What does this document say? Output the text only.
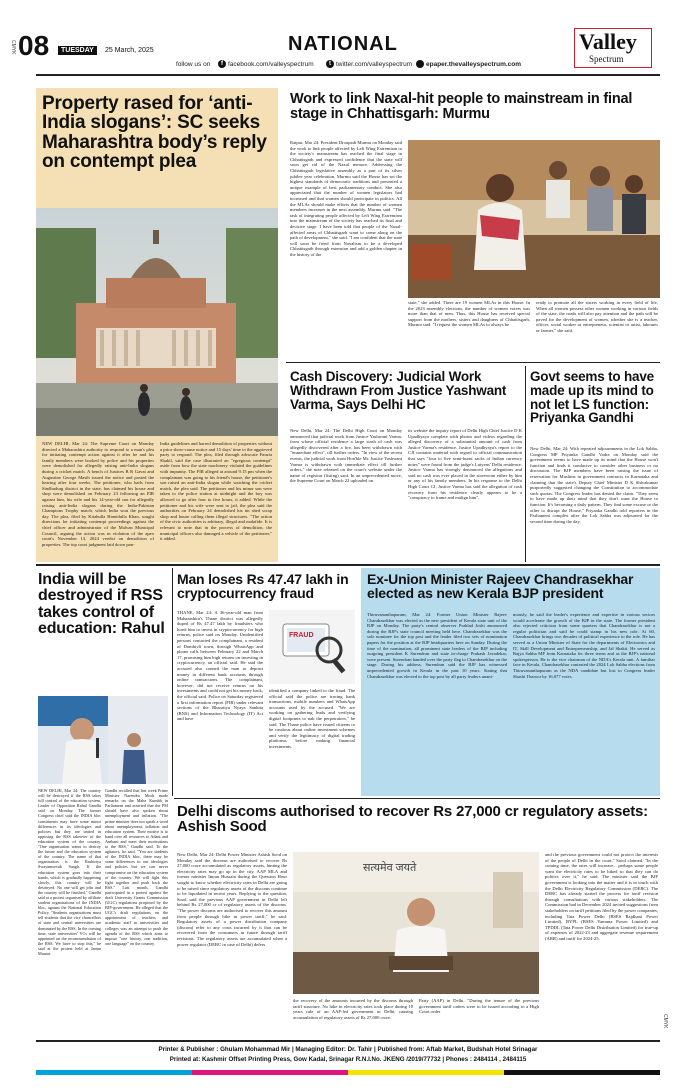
CMYK 08	TUESDAY	25 March, 2025	NATIONAL
follow us on	f facebook.com/valleyspectrum	t twitter.com/valleyspectrum epaper.thevalleyspectrum.com
Valley
Spectrum
Property rased for ‘anti-India slogans’: SC seeks Maharashtra body’s reply on contempt plea
NEW DELHI, Mar 24: The Supreme Court on Monday directed a Maharashtra authority to respond to a man's plea for initiating contempt action against it after he and his family members were booked by police and his properties were demolished for allegedly raising anti-India slogans during a cricket match. A bench of Justices B R Gavai and Augustine George Masih issued the notice and posted the hearing after four weeks. The petitioner, who hails from Sindhudurg district in the state, has claimed his house and shop were demolished on February 23 following an FIR against him, his wife and his 14-year-old son for allegedly raising anti-India slogans during the India-Pakistan Champions Trophy match, which India won the previous day. The plea, filed by Kitabulla Hamidulla Khan, sought directions for initiating contempt proceedings against the chief officer and administrator of the Malvan Municipal Council, arguing the action was in violation of the apex court's November 13, 2024 verdict on demolition of properties. The top court judgment laid down pan-
India guidelines and barred demolition of properties without a prior show-cause notice and 15 days' time to the aggrieved party to respond. The plea, filed through advocate Fauzia Shakil, said the case illustrated an "egregious contempt" aside from how the state machinery violated the guidelines with impunity. The FIR alleged at around 9.15 pm when the complainant was going to his friend's house, the petitioner's son raised an anti-India slogan while watching the cricket match, the plea said. The petitioner and his minor son were taken to the police station at midnight and the boy was allowed to go after four to five hours, it added. While the petitioner and his wife were sent to jail, the plea said the authorities on February 24 demolished his tin shed scrap shop and house calling them illegal structures. "The action of the civic authorities is arbitrary, illegal and malafide. It is relevant to note that in the process of demolition, the municipal officers also damaged a vehicle of the petitioner," it added.
Work to link Naxal-hit people to mainstream in final stage in Chhattisgarh: Murmu
Raipur, Mar 24: President Droupadi Murmu on Monday said the work to link people affected by Left Wing Extremism to the society's mainstream has reached the final stage in Chhattisgarh and expressed confidence that the state will soon get rid of the Naxal menace. Addressing the Chhattisgarh legislative assembly as a part of its silver jubilee year celebration, Murmu said the House has set the highest standards of democratic traditions and presented a unique example of best parliamentary conduct. She also appreciated that the number of women legislators had increased and that women should participate in politics. All the MLAs should make efforts that the number of women members increases in the next assembly, Murmu said. "The task of integrating people affected by Left Wing Extremism into the mainstream of the society has reached its final and decisive stage. I have been told that people of the Naxal-affected areas of Chhattisgarh want to come along on the path of development," she said. "I am confident that the state will soon be freed from Naxalism to be a developed Chhattisgarh through extension and add a golden chapter in the history of the
state," she added. There are 19 women MLAs in this House. In the 2023 assembly elections, the number of women voters was more than that of men. Thus, this House has received special support from the mothers, sisters and daughters of Chhattisgarh, Murmu said. "I request the women MLAs to always be
ready to promote all the sisters working in every field of life. When all women possess other women working in various fields of the state, the roads will also pay attention and the path will be paved for the development of women, whether she is a teacher, officer, social worker or entrepreneur, scientist or artist, labourer or farmer," she said.
Cash Discovery: Judicial Work Withdrawn From Justice Yashwant Varma, Says Delhi HC
New Delhi, Mar 24: The Delhi High Court on Monday announced that judicial work from Justice Yashwant Varma, from whose official residence a large stash of cash was allegedly discovered after a fire, has been withdrawn with "immediate effect", till further orders. "In view of the recent events, the judicial work from Hon'ble Mr. Justice Yashwant Varma is withdrawn with immediate effect till further orders," the note released on the court's website under the name of registrar (listing) said. In an unprecedented move, the Supreme Court on March 22 uploaded on
its website the inquiry report of Delhi High Chief Justice D K Upadhyaya complete with photos and videos regarding the alleged discovery of a substantial amount of cash from Justice Varma's residence. Justice Upadhyaya's report to the CJI contains material with regard to official communication that says "four to five semi-burnt sacks of Indian currency notes" were found from the judge's Lutyens' Delhi residence. Justice Varma has strongly denounced the allegations and said no cash was ever placed in the storeroom either by him or any of his family members. In his response to the Delhi High Court CJ, Justice Varma has said the allegation of cash recovery from his residence clearly appears to be a "conspiracy to frame and malign him".
Govt seems to have made up its mind to not let LS function: Priyanka Gandhi
New Delhi, Mar 24: With repeated adjournments in the Lok Sabha, Congress MP Priyanka Gandhi Vadra on Monday said the government seems to have made up its mind that the House won't function and finds it conducive to consider other business or no discussion. The BJP members have been raising the issue of reservation for Muslims in government contracts in Karnataka and claiming that the state's Deputy Chief Minister D K Shivakumar purportedly suggested changing the Constitution to accommodate such quotas. The Congress leader has denied the claim. "They seem to have made up their mind that they don't want the House to function. It's becoming a daily pattern. They find some excuse or the other to disrupt the House," Priyanka Gandhi told reporters in the Parliament complex after the Lok Sabha was adjourned for the second time during the day.
India will be destroyed if RSS takes control of education: Rahul
NEW DELHI, Mar 24: The country will be destroyed if the RSS takes full control of the education system, Leader of Opposition Rahul Gandhi said on Monday. The former Congress chief said the INDIA bloc constituents may have some minor differences in its ideologies and policies but they are united in opposing the RSS takeover of the education system of the country. "One organisation wants to destroy the future and the education system of the country. The name of that organisation is the Rashtriya Swayamsevak Sangh. If the education system goes into their hands, which is gradually happening slowly, this country will be destroyed. No one will get jobs and the country will be finished," Gandhi said at a protest organised by affiliate student organisations of the INDIA bloc, against the National Education Policy. "Students organisations must tell students that the vice chancellors of state and central universities are dominated by the RSS. In the coming time, state universities' VCs will be appointed on the recommendation of the RSS. We have to stop this," he said at the protest held at Jantar Mantar.
Gandhi recalled that last week Prime Minister Narendra Modi made remarks on the Maha Kumbh in Parliament and asserted that the PM should have also spoken about unemployment and inflation. "The prime minister does not speak a word about unemployment, inflation and education system. Their motive is to hand over all resources to Adani and Ambani and meet their motivations to the RSS," Gandhi said. To the agitators, he said, "You are students of the INDIA bloc, there may be some differences in our ideologies and policies but we can never compromise on the education system of the country. We will fight this fight together and push back the RSS." Last month, Gandhi participated in a protest against the draft University Grants Commission (UGC) regulations proposed by the BJP-government. He alleged that the UGC's draft regulations on the appointment of teachers and academic staff in universities and colleges was an attempt to push the agenda of the RSS which aims to impose "one history, one tradition, one language" on the country.
Man loses Rs 47.47 lakh in cryptocurrency fraud
THANE, Mar 24: A 36-year-old man from Maharashtra's Thane district was allegedly duped of Rs 47.47 lakh by fraudsters who lured him to invest in cryptocurrency for high returns, police said on Monday. Unidentified persons contacted the complainant, a resident of Dombivli town, through WhatsApp and phone calls between February 22 and March 17, promising him high returns on investing in cryptocurrency, an official said. He said the accused also conned the man to deposit money in different bank accounts through online transactions. The complainant, however, did not receive returns on his investments and could not get his money back, the official said. Police on Saturday registered a first information report (FIR) under relevant sections of the Bharatiya Nyaya Sanhita (BNS) and Information Technology (IT) Act and have
FRAUD
identified a company linked to the fraud. The official said the police are tracing bank transactions, mobile numbers and WhatsApp accounts used by the accused. "We are working on gathering leads and verifying digital footprints to nab the perpetrators," he said. The Thane police have issued citizens to be cautious about online investment schemes and verify the legitimacy of digital trading platforms before making financial investments.
Ex-Union Minister Rajeev Chandrasekhar elected as new Kerala BJP president
Thiruvananthapuram, Mar 24: Former Union Minister Rajeev Chandrasekhar was elected as the new president of Kerala state unit of the BJP on Monday. The party's central observer Prahlad Joshi announced during the BJP's state council meeting held here. Chandrasekhar was the sole nominee for the top post and the leader filed two sets of nomination papers for the position at the BJP headquarters here on Sunday. During the time of the nomination, all prominent state leaders of the BJP including outgoing president K Surendran and state in-charge Prakash Javadekar, were present. Surendran handed over the party flag to Chandrasekhar on the stage. During his address, Surendran said the BJP has witnessed unprecedented growth in Kerala in the past 10 years. Stating that Chandrasekhar was elected to the top post by all party leaders unani-
mously, he said the leader's experience and expertise in various sectors would accelerate the growth of the BJP in the state. The former president also rejected criticism from some quarters that Chandrasekhar is not a regular politician and said he could stamp in his new role. At 60, Chandrasekhar brings two decades of political experience to the role. He has served as a Union Minister of State for the departments of Electronics and IT, Skill Development and Entrepreneurship, and Jal Shakti. He served as Rajya Sabha MP from Karnataka for three terms and as the BJP's national spokesperson. He is the vice chairman of the NDA's Kerala unit. A familiar face in Kerala, Chandrasekhar contested the 2024 Lok Sabha elections from Thiruvananthapuram as the NDA candidate but lost to Congress leader Shashi Tharoor by 16,077 votes.
Delhi discoms authorised to recover Rs 27,000 cr regulatory assets: Ashish Sood
New Delhi, Mar 24: Delhi Power Minister Ashish Sood on Monday said the discoms are authorised to recover Rs 27,000 crore accumulated as regulatory assets, hinting the electricity rates may go up in the city. AAP MLA and former minister Imran Hussain during the Question Hour sought to know whether electricity rates in Delhi are going to be raised since regulatory assets of the discoms continue to be liquidated in recent years. Replying to the question, Sood said the previous AAP government in Delhi left behind Rs 27,000 cr of regulatory assets of the discoms. "The power discoms are authorised to recover this amount from people through hike in power tariff," he said. Regulatory assets of a power distribution company (discom) refer to any costs incurred by it that can be recovered from the consumers in future through tariff revisions. The regulatory assets are accumulated when a power regulator (DERC in case of Delhi) defers
सत्यमेव जयते
the recovery of the amounts incurred by the discoms through tariff structure. No hike in electricity rates took place during 10 years rule of an AAP-led government in Delhi, causing accumulation of regulatory assets of Rs 27,000 crore.
Party (AAP) in Delhi. "During the tenure of the previous government tariff orders were to be issued according to a High Court order
and the previous government could not protect the interests of the people of Delhi in the court," Sood claimed. "In the coming time, the rates will increase... perhaps some people want the electricity rates to be hiked so that they can do politics over it," he said. The minister said the BJP government is looking into the matter and it is in touch with the Delhi Electricity Regulatory Commission (DERC). The DERC has already started the process for tariff revision through consultations with various stakeholders. The Commission had in December 2024 invited suggestions from stakeholders on tariff petitions filed by the power companies, including Tata Power Delhi (BSES Rajdhani Power Limited), BYPL (BSES Yamuna Power Limited) and TPDDL (Tata Power Delhi Distribution Limited) for true-up of expenses of 2022-23 and aggregate revenue requirement (ARR) and tariff for 2024-25.
Printer & Publisher : Ghulam Mohammad Mir | Managing Editor: Dr. Tahir | Published from: Aftab Market, Budshah Hotel Srinagar
Printed at: Kashmir Offset Printing Press, Gow Kadal, Srinagar R.N.I.No. JKENG /2019/77732 | Phones : 2484114 , 2484115
CMYK
